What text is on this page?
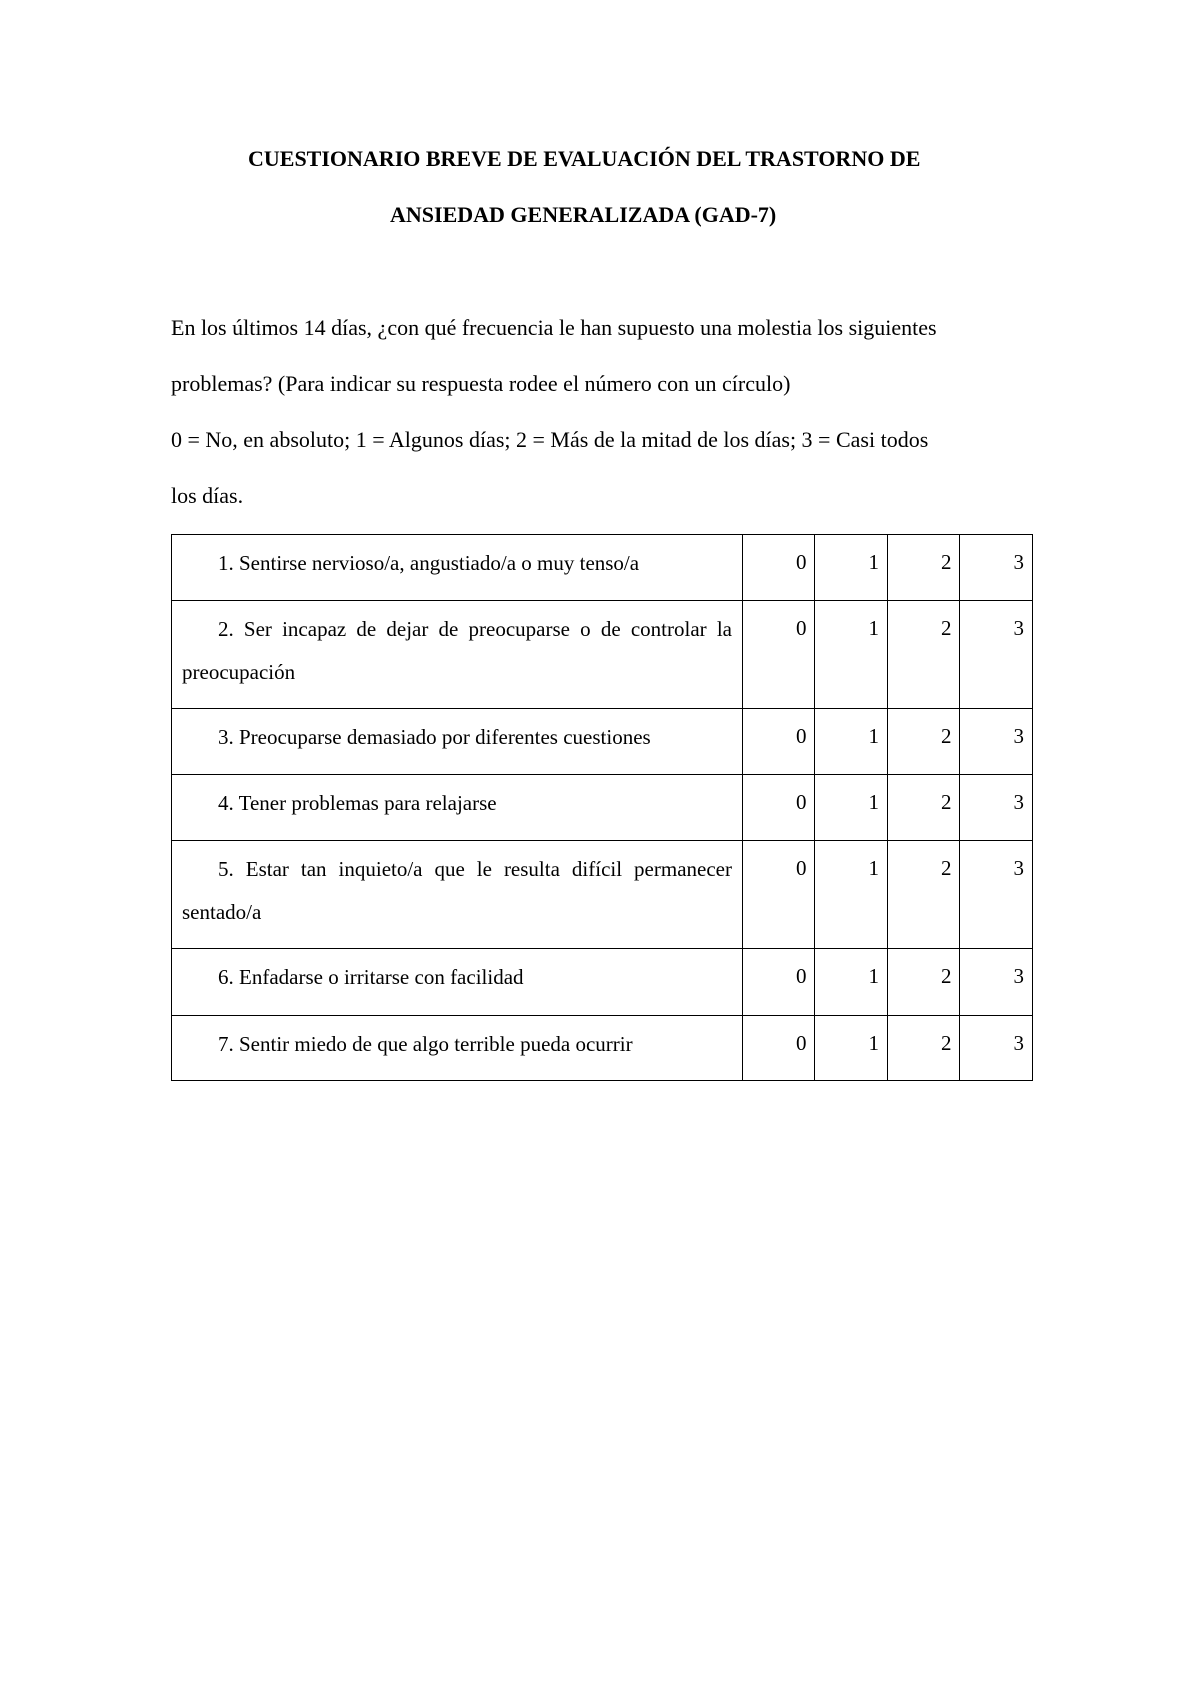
CUESTIONARIO BREVE DE EVALUACIÓN DEL TRASTORNO DE
ANSIEDAD GENERALIZADA (GAD-7)
En los últimos 14 días, ¿con qué frecuencia le han supuesto una molestia los siguientes
problemas? (Para indicar su respuesta rodee el número con un círculo)
0 = No, en absoluto; 1 = Algunos días; 2 = Más de la mitad de los días; 3 = Casi todos
los días.
1. Sentirse nervioso/a, angustiado/a o muy tenso/a	0	1	2	3

2. Ser incapaz de dejar de preocuparse o de controlar la preocupación	0	1	2	3

3. Preocuparse demasiado por diferentes cuestiones	0	1	2	3

4. Tener problemas para relajarse	0	1	2	3

5. Estar tan inquieto/a que le resulta difícil permanecer sentado/a	0	1	2	3

6. Enfadarse o irritarse con facilidad	0	1	2	3

7. Sentir miedo de que algo terrible pueda ocurrir	0	1	2	3
